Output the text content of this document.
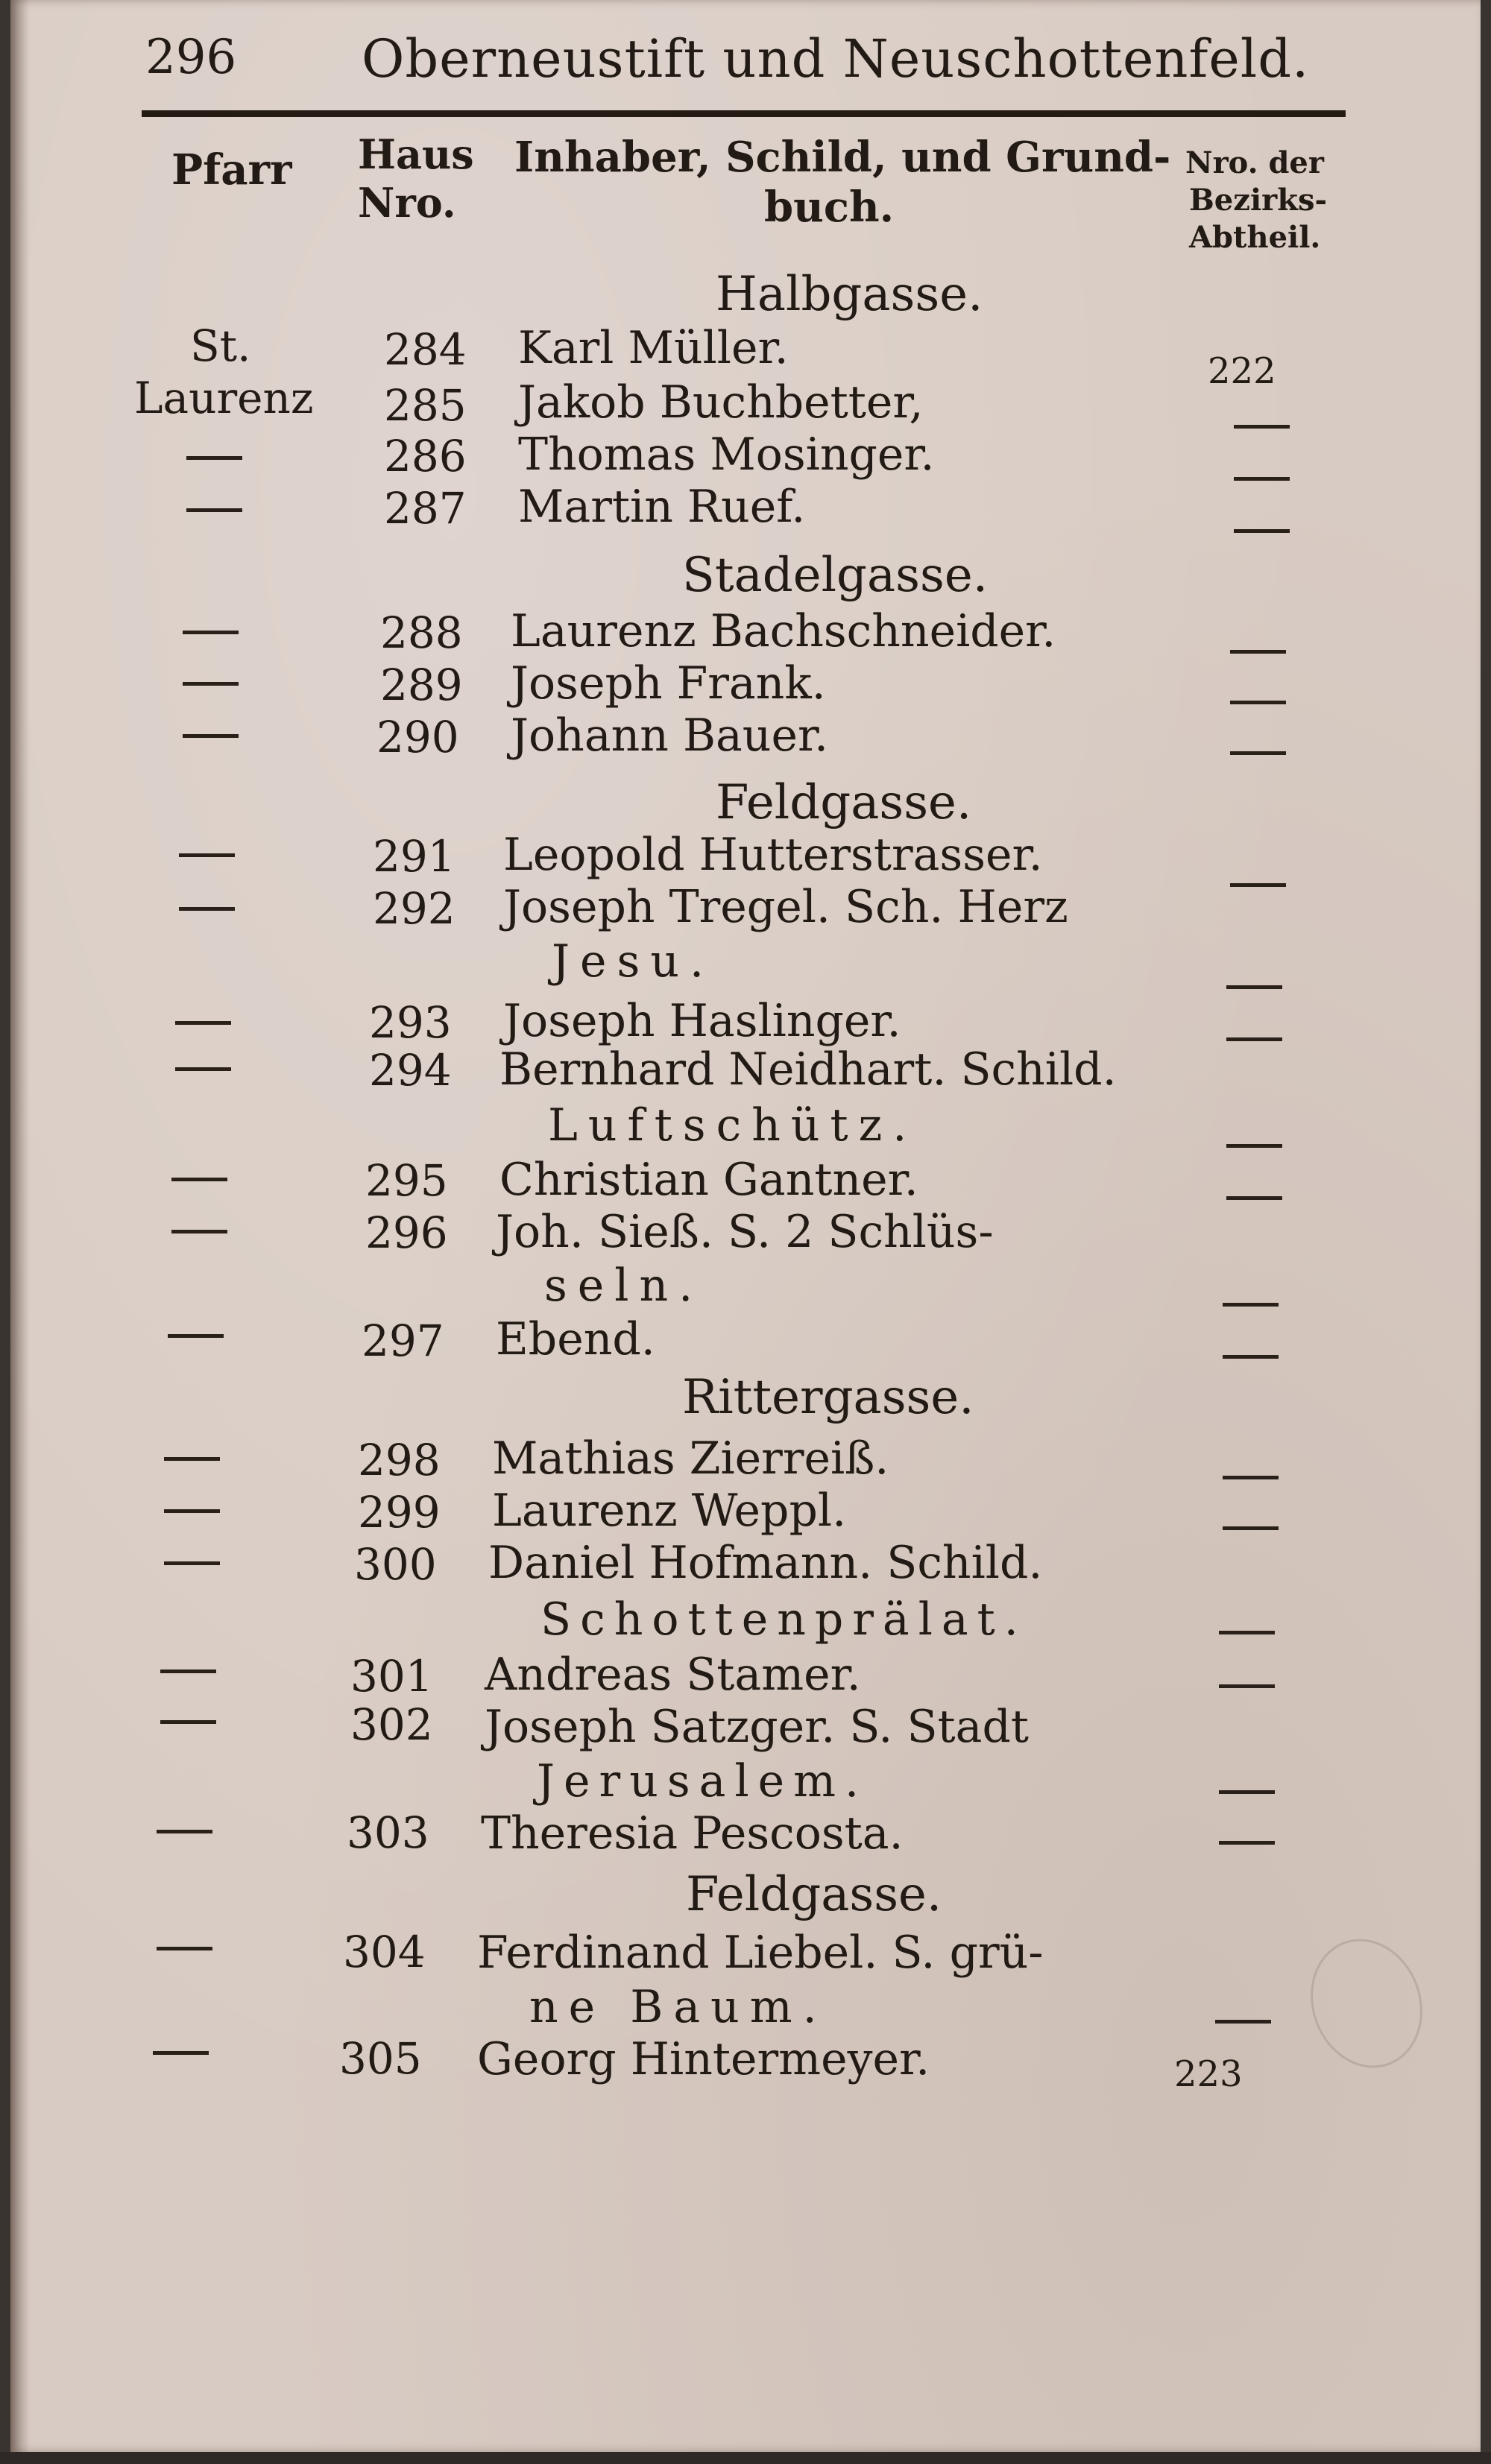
296 Oberneustift und Neuschottenfeld.
Pfarr Haus
Nro.
Inhaber, Schild, und Grund-
buch.
Nro. der
Bezirks-
Abtheil.
Halbgasse.
Stadelgasse.
Feldgasse.
Rittergasse.
Feldgasse.
St.
Laurenz
284
285
286
287
288
289
290
291
292
293
294
295
296
297
298
299
300
301
302
303
304
305
Karl Müller.
Jakob Buchbetter,
Thomas Mosinger.
Martin Ruef.
Laurenz Bachschneider.
Joseph Frank.
Johann Bauer.
Leopold Hutterstrasser.
Joseph Tregel. Sch. Herz
Jesu.
Joseph Haslinger.
Bernhard Neidhart. Schild.
Luftschütz.
Christian Gantner.
Joh. Sieß. S. 2 Schlüs-
seln.
Ebend.
Mathias Zierreiß.
Laurenz Weppl.
Daniel Hofmann. Schild.
Schottenprälat.
Andreas Stamer.
Joseph Satzger. S. Stadt
Jerusalem.
Theresia Pescosta.
Ferdinand Liebel. S. grü-
ne Baum.
Georg Hintermeyer.
222
223
